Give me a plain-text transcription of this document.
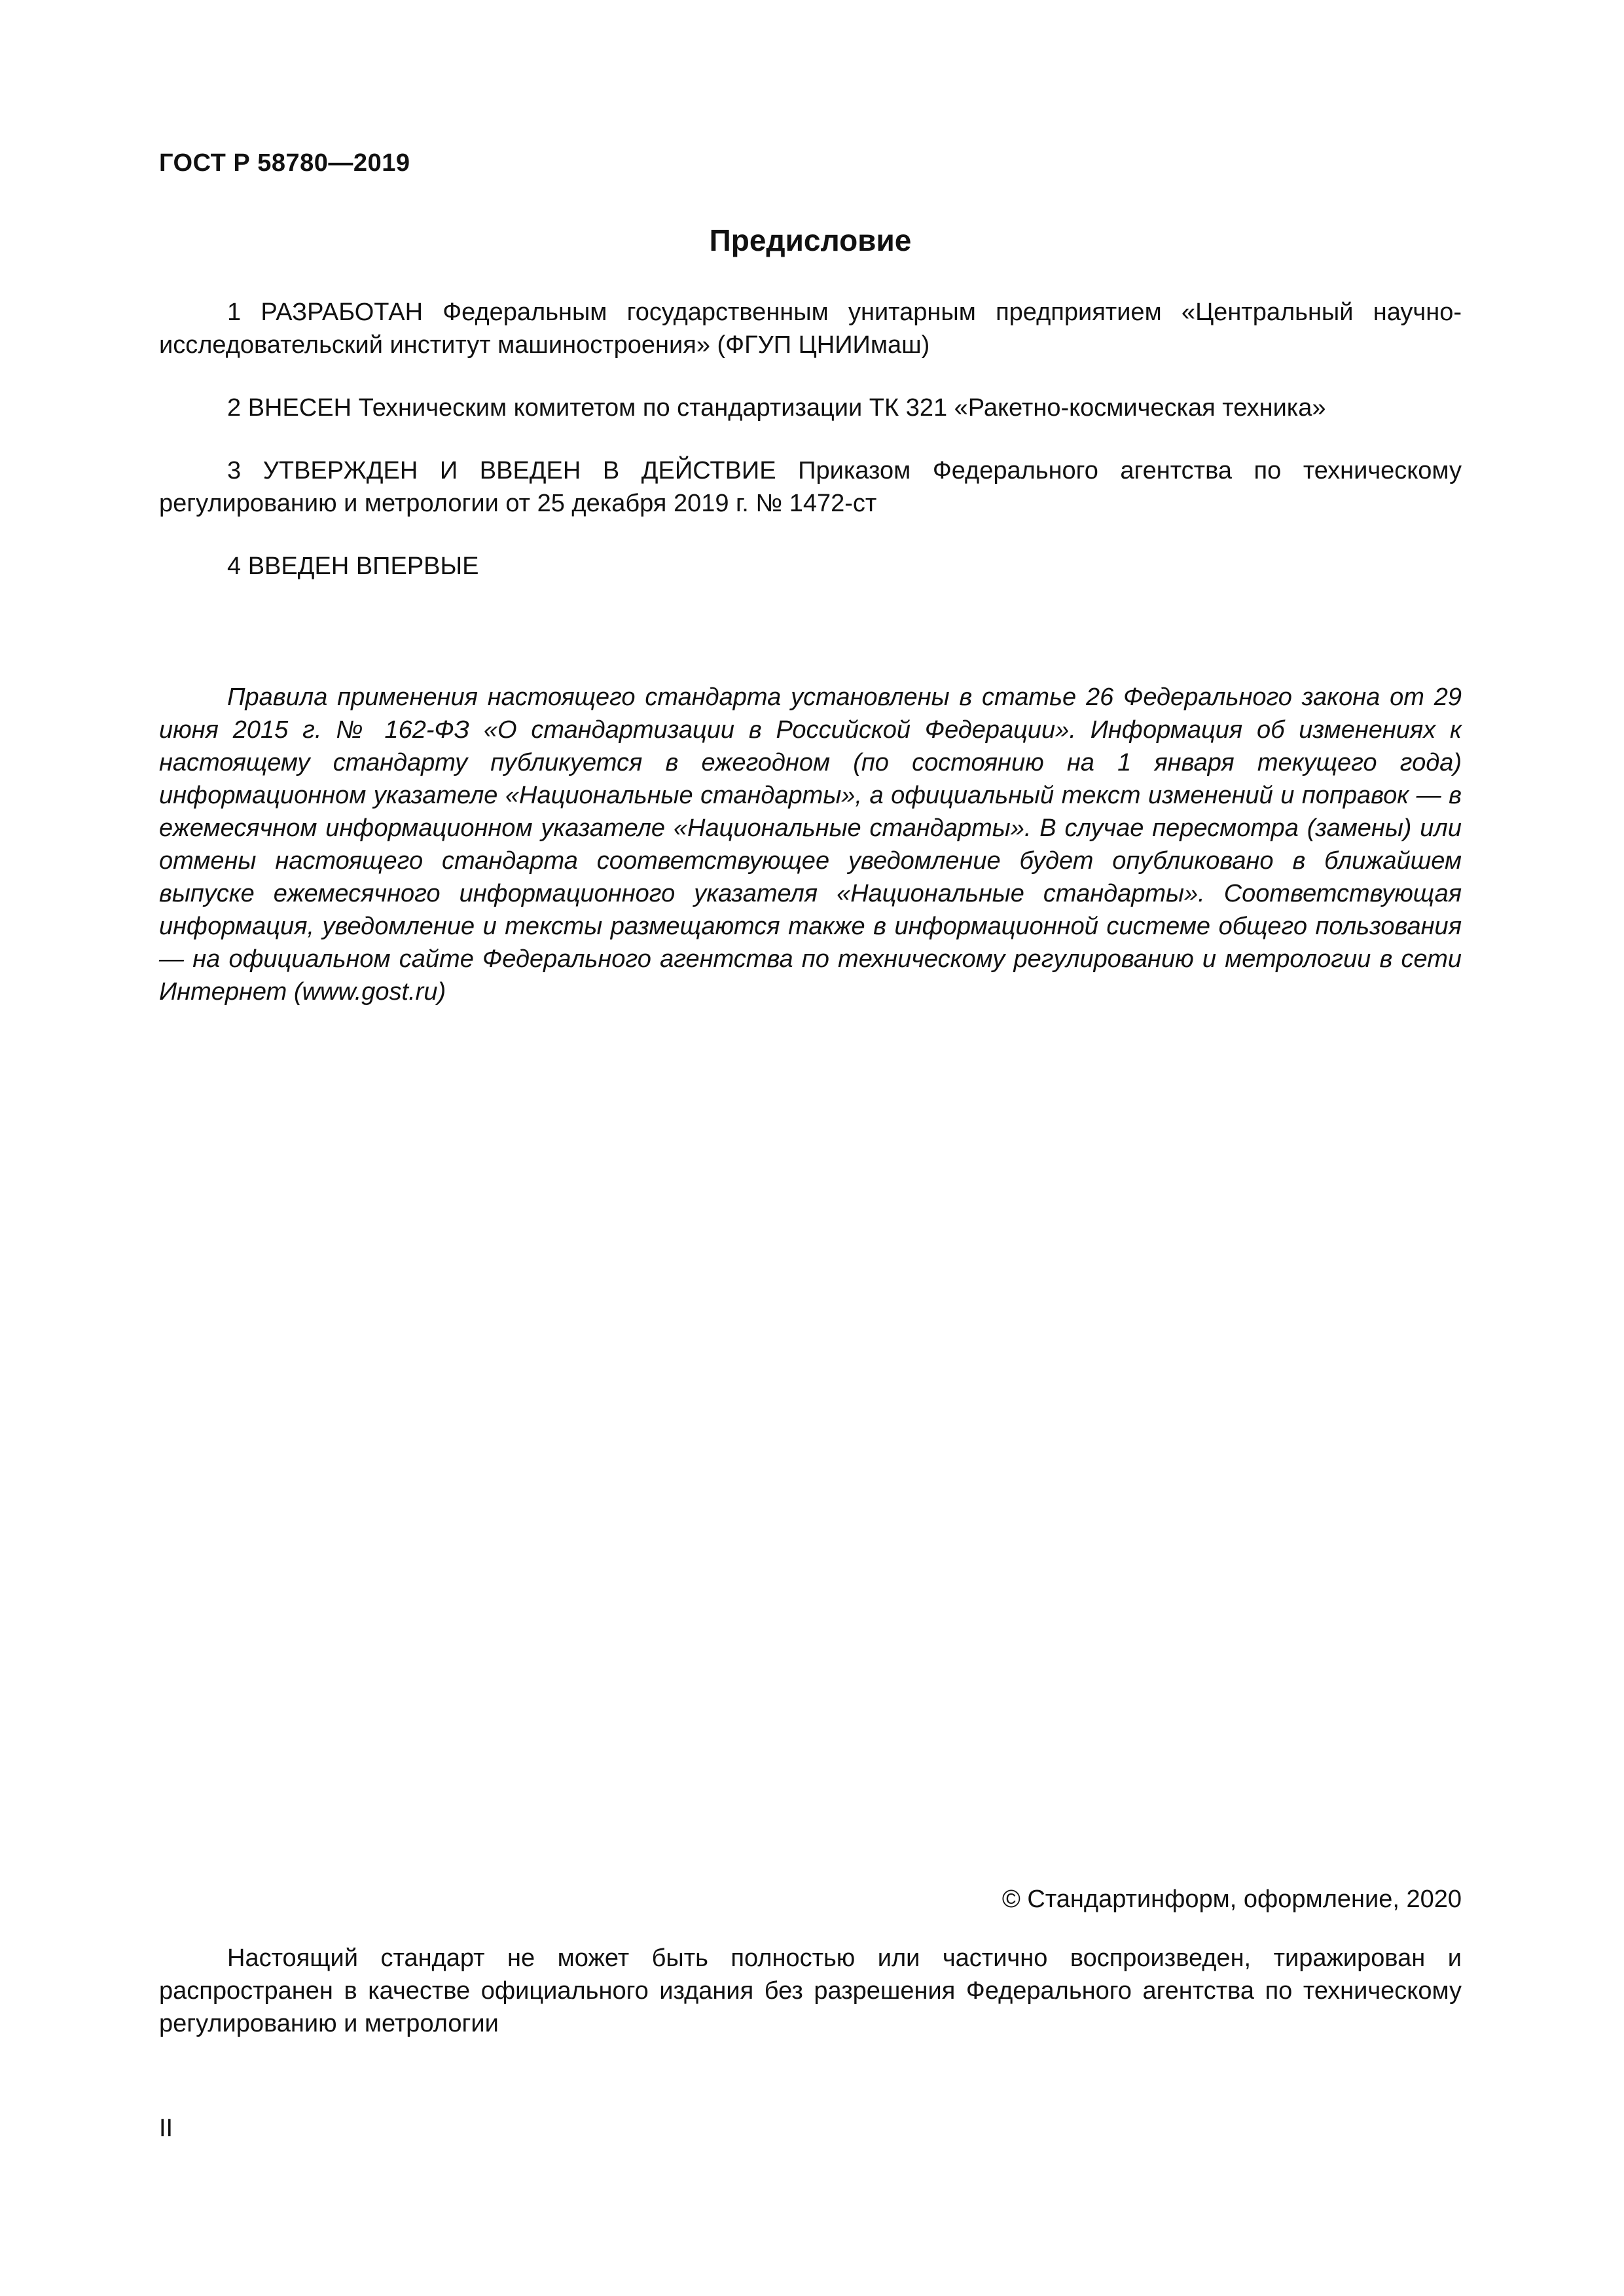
ГОСТ Р 58780—2019
Предисловие
1 РАЗРАБОТАН Федеральным государственным унитарным предприятием «Центральный научно-исследовательский институт машиностроения» (ФГУП ЦНИИмаш)
2 ВНЕСЕН Техническим комитетом по стандартизации ТК 321 «Ракетно-космическая техника»
3 УТВЕРЖДЕН И ВВЕДЕН В ДЕЙСТВИЕ Приказом Федерального агентства по техническому регулированию и метрологии от 25 декабря 2019 г. № 1472-ст
4 ВВЕДЕН ВПЕРВЫЕ
Правила применения настоящего стандарта установлены в статье 26 Федерального закона от 29 июня 2015 г. № 162-ФЗ «О стандартизации в Российской Федерации». Информация об изменениях к настоящему стандарту публикуется в ежегодном (по состоянию на 1 января текущего года) информационном указателе «Национальные стандарты», а официальный текст изменений и поправок — в ежемесячном информационном указателе «Национальные стандарты». В случае пересмотра (замены) или отмены настоящего стандарта соответствующее уведомление будет опубликовано в ближайшем выпуске ежемесячного информационного указателя «Национальные стандарты». Соответствующая информация, уведомление и тексты размещаются также в информационной системе общего пользования — на официальном сайте Федерального агентства по техническому регулированию и метрологии в сети Интернет (www.gost.ru)
© Стандартинформ, оформление, 2020
Настоящий стандарт не может быть полностью или частично воспроизведен, тиражирован и распространен в качестве официального издания без разрешения Федерального агентства по техническому регулированию и метрологии
II
